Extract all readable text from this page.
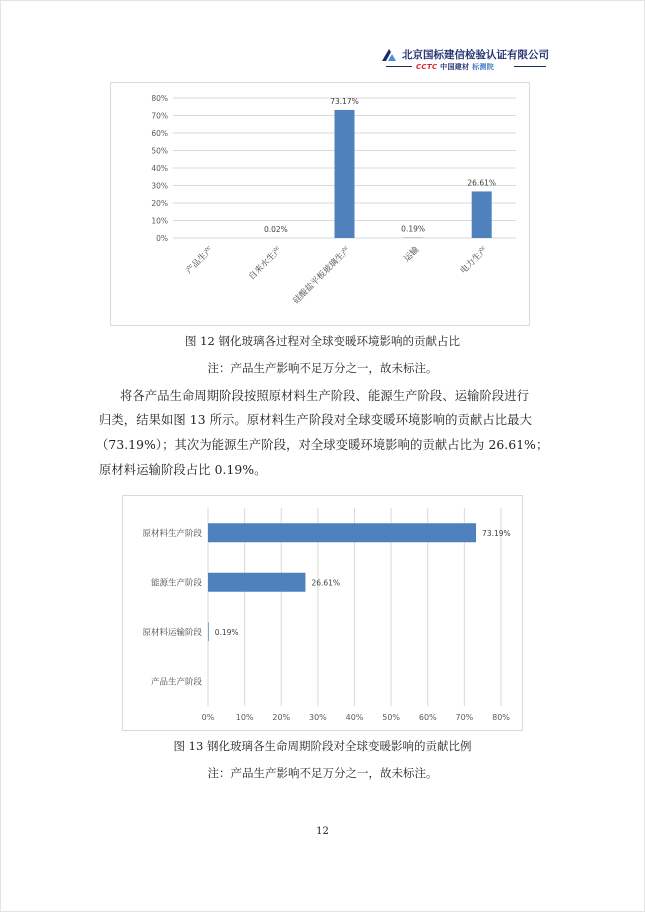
北京国标建信检验认证有限公司
CCTC 中国建材 标测院
0%
10%
20%
30%
40%
50%
60%
70%
80%
产品生产
0.02%
自来水生产
73.17%
硅酸盐平板玻璃生产
0.19%
运输
26.61%
电力生产
图 12 钢化玻璃各过程对全球变暖环境影响的贡献占比
注：产品生产影响不足万分之一，故未标注。
将各产品生命周期阶段按照原材料生产阶段、能源生产阶段、运输阶段进行
归类，结果如图 13 所示。原材料生产阶段对全球变暖环境影响的贡献占比最大
（73.19%）；其次为能源生产阶段，对全球变暖环境影响的贡献占比为 26.61%；
原材料运输阶段占比 0.19%。
0%	10% 20% 30% 40% 50% 60% 70% 80%
原材料生产阶段	73.19%
能源生产阶段	26.61%
原材料运输阶段 0.19%
产品生产阶段
图 13 钢化玻璃各生命周期阶段对全球变暖影响的贡献比例
注：产品生产影响不足万分之一，故未标注。
12
